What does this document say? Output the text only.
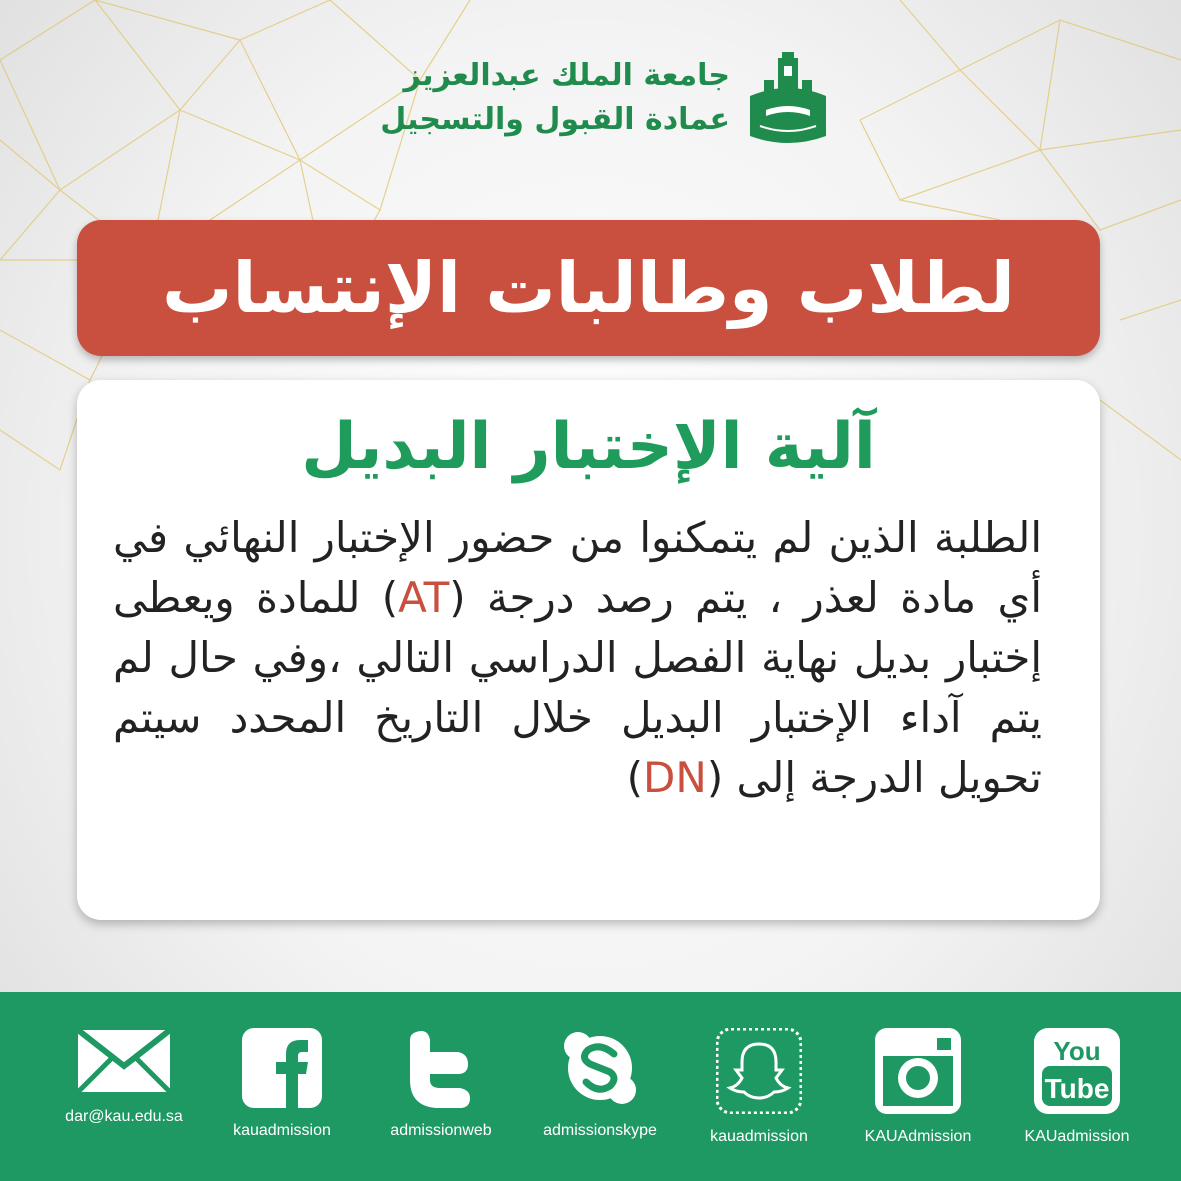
جامعة الملك عبدالعزيز
عمادة القبول والتسجيل
لطلاب وطالبات الإنتساب
آلية الإختبار البديل
الطلبة الذين لم يتمكنوا من حضور الإختبار النهائي في أي مادة لعذر ، يتم رصد درجة (AT) للمادة ويعطى إختبار بديل نهاية الفصل الدراسي التالي ،وفي حال لم يتم آداء الإختبار البديل خلال التاريخ المحدد سيتم تحويل الدرجة إلى (DN)
dar@kau.edu.sa
kauadmission	admissionweb	admissionskype	kauadmission	KAUAdmission
You
Tube
KAUadmission
